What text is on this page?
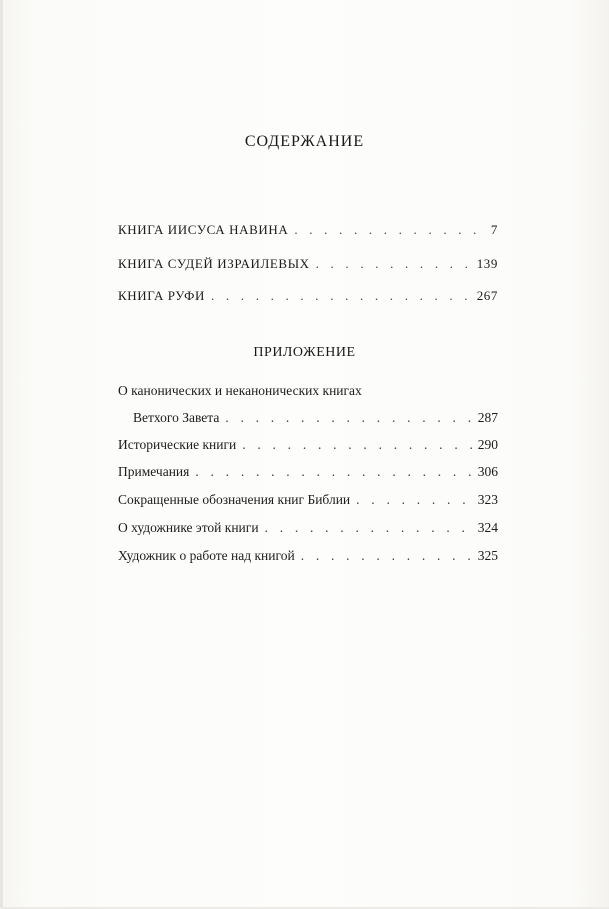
СОДЕРЖАНИЕ
КНИГА ИИСУСА НАВИНА . . .	7
КНИГА СУДЕЙ ИЗРАИЛЕВЫХ . . .	139
КНИГА РУФИ . . .	267
ПРИЛОЖЕНИЕ
О канонических и неканонических книгах
Ветхого Завета . . .	287
Исторические книги . . .	290
Примечания . . .	306
Сокращенные обозначения книг Библии . . .	323
О художнике этой книги . . .	324
Художник о работе над книгой . . .	325
